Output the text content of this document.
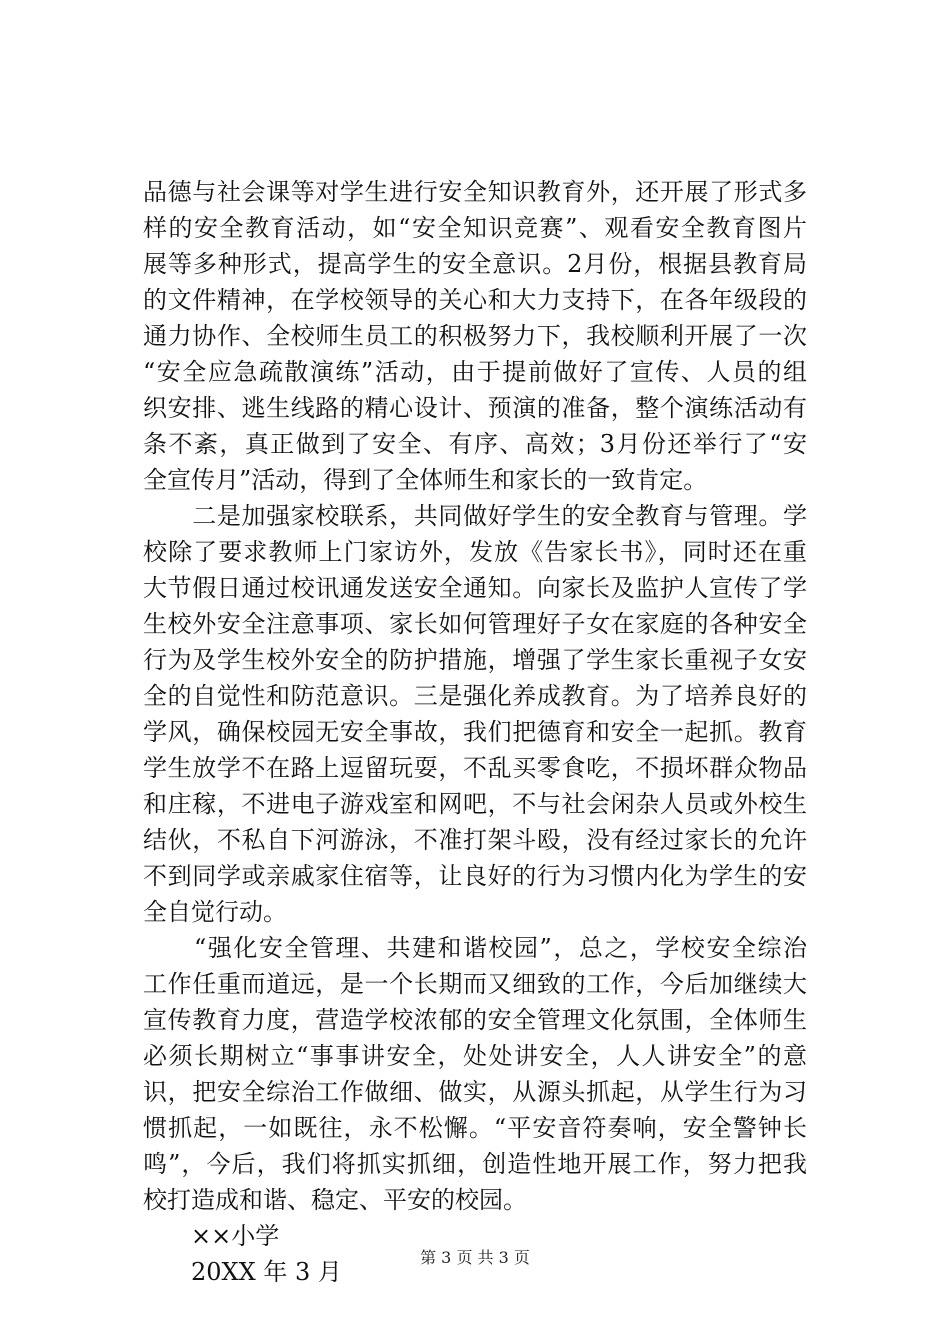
品德与社会课等对学生进行安全知识教育外，还开展了形式多
样的安全教育活动，如“安全知识竞赛”、观看安全教育图片
展等多种形式，提高学生的安全意识。2月份，根据县教育局
的文件精神，在学校领导的关心和大力支持下，在各年级段的
通力协作、全校师生员工的积极努力下，我校顺利开展了一次
“安全应急疏散演练”活动，由于提前做好了宣传、人员的组
织安排、逃生线路的精心设计、预演的准备，整个演练活动有
条不紊，真正做到了安全、有序、高效；3月份还举行了“安
全宣传月”活动，得到了全体师生和家长的一致肯定。
　　二是加强家校联系，共同做好学生的安全教育与管理。学
校除了要求教师上门家访外，发放《告家长书》，同时还在重
大节假日通过校讯通发送安全通知。向家长及监护人宣传了学
生校外安全注意事项、家长如何管理好子女在家庭的各种安全
行为及学生校外安全的防护措施，增强了学生家长重视子女安
全的自觉性和防范意识。三是强化养成教育。为了培养良好的
学风，确保校园无安全事故，我们把德育和安全一起抓。教育
学生放学不在路上逗留玩耍，不乱买零食吃，不损坏群众物品
和庄稼，不进电子游戏室和网吧，不与社会闲杂人员或外校生
结伙，不私自下河游泳，不准打架斗殴，没有经过家长的允许
不到同学或亲戚家住宿等，让良好的行为习惯内化为学生的安
全自觉行动。
　　“强化安全管理、共建和谐校园”，总之，学校安全综治
工作任重而道远，是一个长期而又细致的工作，今后加继续大
宣传教育力度，营造学校浓郁的安全管理文化氛围，全体师生
必须长期树立“事事讲安全，处处讲安全，人人讲安全”的意
识，把安全综治工作做细、做实，从源头抓起，从学生行为习
惯抓起，一如既往，永不松懈。“平安音符奏响，安全警钟长
鸣”，今后，我们将抓实抓细，创造性地开展工作，努力把我
校打造成和谐、稳定、平安的校园。
××小学
20XX 年 3 月
第 3 页 共 3 页
